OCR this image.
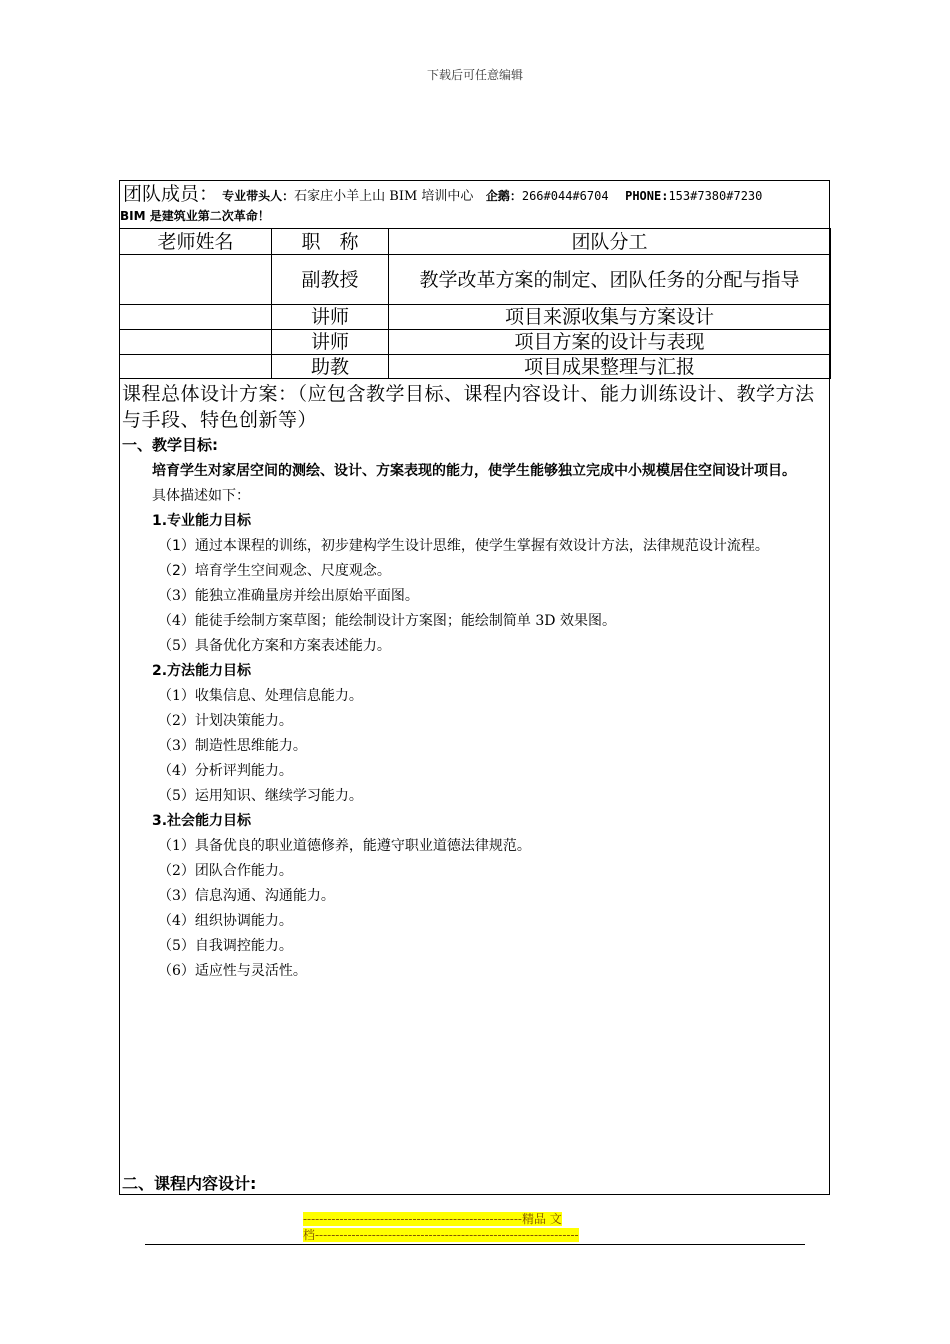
下载后可任意编辑
团队成员： 专业带头人：石家庄小羊上山 BIM 培训中心 企鹅：266#044#6704 PHONE:153#7380#7230
BIM 是建筑业第二次革命！
老师姓名	职　称	团队分工
	副教授	教学改革方案的制定、团队任务的分配与指导
	讲师	项目来源收集与方案设计
	讲师	项目方案的设计与表现
	助教	项目成果整理与汇报
课程总体设计方案：（应包含教学目标、课程内容设计、能力训练设计、教学方法与手段、特色创新等）
一、教学目标:
培育学生对家居空间的测绘、设计、方案表现的能力，使学生能够独立完成中小规模居住空间设计项目。
具体描述如下：
1.专业能力目标
（1）通过本课程的训练，初步建构学生设计思维，使学生掌握有效设计方法，法律规范设计流程。
（2）培育学生空间观念、尺度观念。
（3）能独立准确量房并绘出原始平面图。
（4）能徒手绘制方案草图；能绘制设计方案图；能绘制简单 3D 效果图。
（5）具备优化方案和方案表述能力。
2.方法能力目标
（1）收集信息、处理信息能力。
（2）计划决策能力。
（3）制造性思维能力。
（4）分析评判能力。
（5）运用知识、继续学习能力。
3.社会能力目标
（1）具备优良的职业道德修养，能遵守职业道德法律规范。
（2）团队合作能力。
（3）信息沟通、沟通能力。
（4）组织协调能力。
（5）自我调控能力。
（6）适应性与灵活性。
二、课程内容设计:
------------------------------------------------------精品 文
档-----------------------------------------------------------------
